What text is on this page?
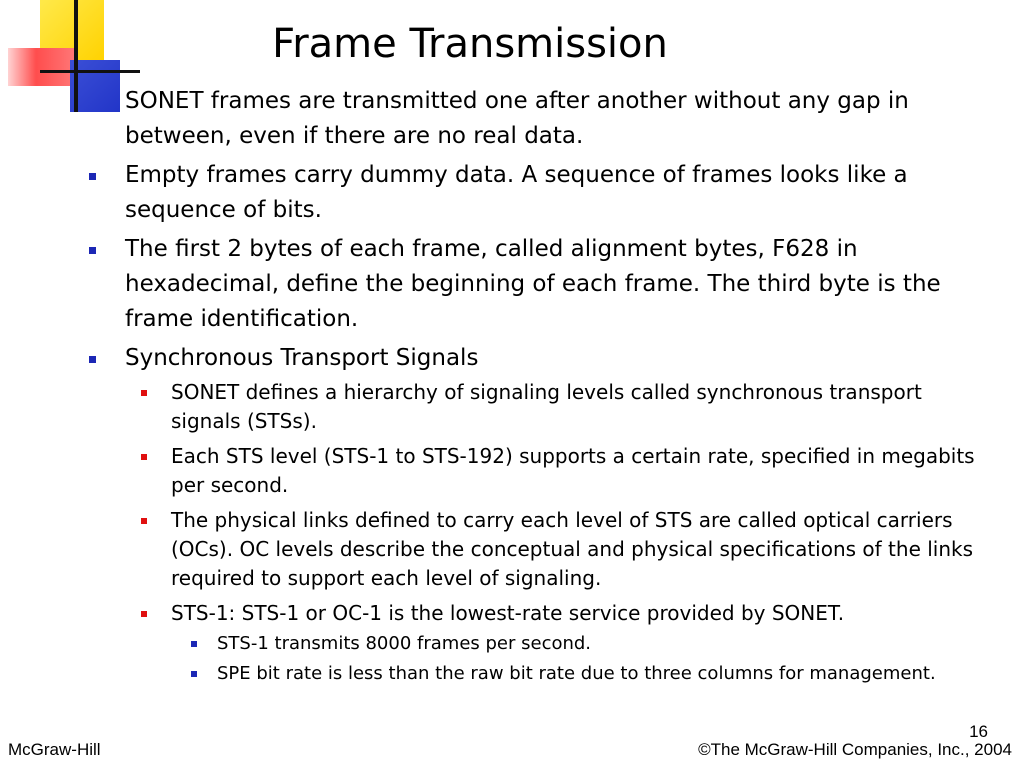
Frame Transmission
SONET frames are transmitted one after another without any gap in between, even if there are no real data.
Empty frames carry dummy data. A sequence of frames looks like a sequence of bits.
The first 2 bytes of each frame, called alignment bytes, F628 in hexadecimal, define the beginning of each frame. The third byte is the frame identification.
Synchronous Transport Signals
SONET defines a hierarchy of signaling levels called synchronous transport signals (STSs).
Each STS level (STS-1 to STS-192) supports a certain rate, specified in megabits per second.
The physical links defined to carry each level of STS are called optical carriers (OCs). OC levels describe the conceptual and physical specifications of the links required to support each level of signaling.
STS-1: STS-1 or OC-1 is the lowest-rate service provided by SONET.
STS-1 transmits 8000 frames per second.
SPE bit rate is less than the raw bit rate due to three columns for management.
16
McGraw-Hill	©The McGraw-Hill Companies, Inc., 2004
